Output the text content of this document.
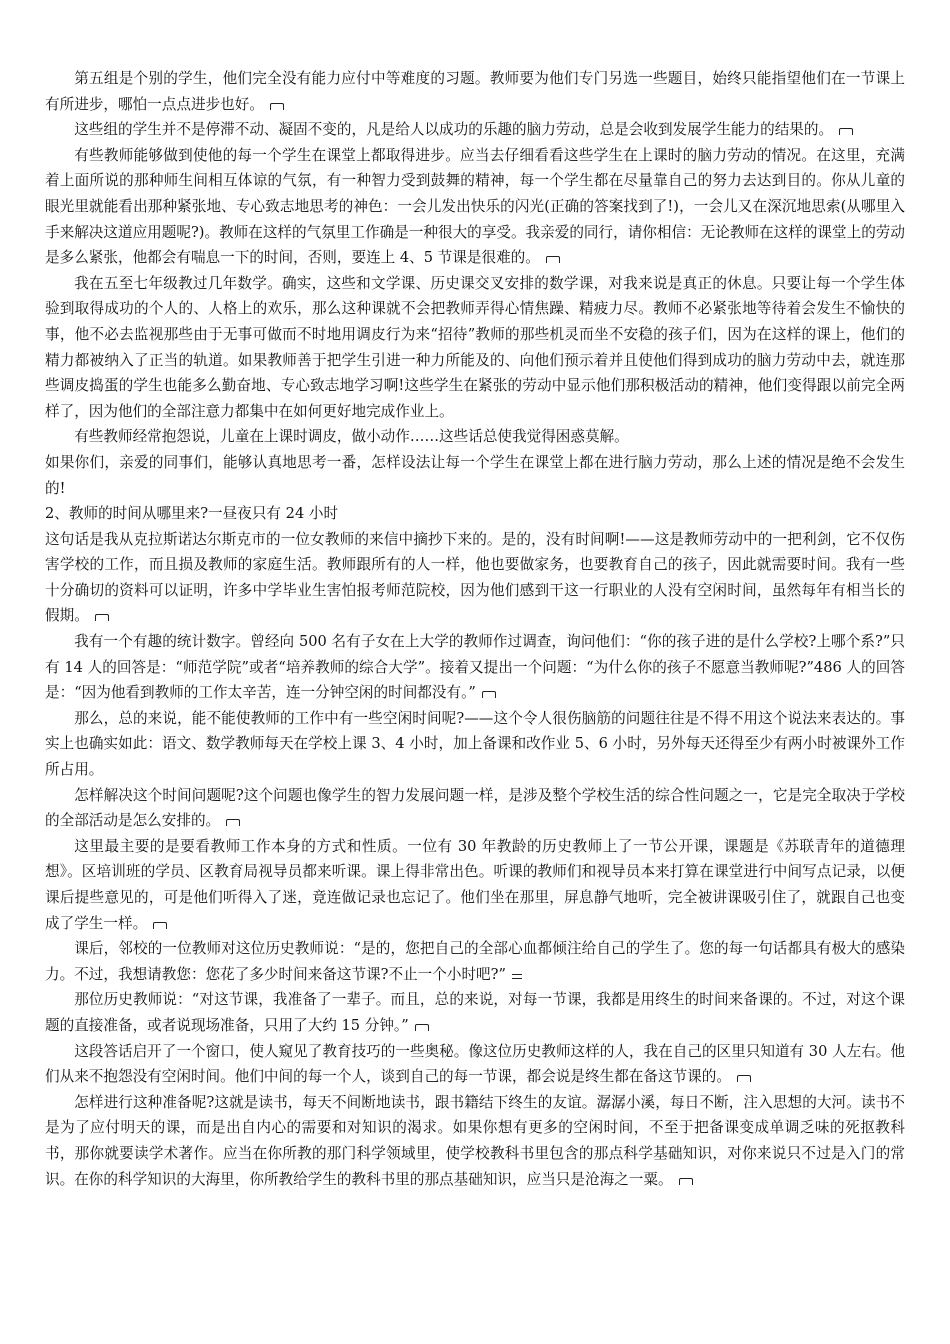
第五组是个别的学生，他们完全没有能力应付中等难度的习题。教师要为他们专门另选一些题目，始终只能指望他们在一节课上有所进步，哪怕一点点进步也好。

这些组的学生并不是停滞不动、凝固不变的，凡是给人以成功的乐趣的脑力劳动，总是会收到发展学生能力的结果的。

有些教师能够做到使他的每一个学生在课堂上都取得进步。应当去仔细看看这些学生在上课时的脑力劳动的情况。在这里，充满着上面所说的那种师生间相互体谅的气氛，有一种智力受到鼓舞的精神，每一个学生都在尽量靠自己的努力去达到目的。你从儿童的眼光里就能看出那种紧张地、专心致志地思考的神色：一会儿发出快乐的闪光(正确的答案找到了!)，一会儿又在深沉地思索(从哪里入手来解决这道应用题呢?)。教师在这样的气氛里工作确是一种很大的享受。我亲爱的同行，请你相信：无论教师在这样的课堂上的劳动是多么紧张，他都会有喘息一下的时间，否则，要连上 4、5 节课是很难的。

我在五至七年级教过几年数学。确实，这些和文学课、历史课交叉安排的数学课，对我来说是真正的休息。只要让每一个学生体验到取得成功的个人的、人格上的欢乐，那么这种课就不会把教师弄得心情焦躁、精疲力尽。教师不必紧张地等待着会发生不愉快的事，他不必去监视那些由于无事可做而不时地用调皮行为来“招待”教师的那些机灵而坐不安稳的孩子们，因为在这样的课上，他们的精力都被纳入了正当的轨道。如果教师善于把学生引进一种力所能及的、向他们预示着并且使他们得到成功的脑力劳动中去，就连那些调皮捣蛋的学生也能多么勤奋地、专心致志地学习啊!这些学生在紧张的劳动中显示他们那积极活动的精神，他们变得跟以前完全两样了，因为他们的全部注意力都集中在如何更好地完成作业上。

有些教师经常抱怨说，儿童在上课时调皮，做小动作……这些话总使我觉得困惑莫解。

如果你们，亲爱的同事们，能够认真地思考一番，怎样设法让每一个学生在课堂上都在进行脑力劳动，那么上述的情况是绝不会发生的!

2、教师的时间从哪里来?一昼夜只有 24 小时

这句话是我从克拉斯诺达尔斯克市的一位女教师的来信中摘抄下来的。是的，没有时间啊!——这是教师劳动中的一把利剑，它不仅伤害学校的工作，而且损及教师的家庭生活。教师跟所有的人一样，他也要做家务，也要教育自己的孩子，因此就需要时间。我有一些十分确切的资料可以证明，许多中学毕业生害怕报考师范院校，因为他们感到干这一行职业的人没有空闲时间，虽然每年有相当长的假期。

我有一个有趣的统计数字。曾经向 500 名有子女在上大学的教师作过调查，询问他们：“你的孩子进的是什么学校?上哪个系?”只有 14 人的回答是：“师范学院”或者“培养教师的综合大学”。接着又提出一个问题：“为什么你的孩子不愿意当教师呢?”486 人的回答是：“因为他看到教师的工作太辛苦，连一分钟空闲的时间都没有。”

那么，总的来说，能不能使教师的工作中有一些空闲时间呢?——这个令人很伤脑筋的问题往往是不得不用这个说法来表达的。事实上也确实如此：语文、数学教师每天在学校上课 3、4 小时，加上备课和改作业 5、6 小时，另外每天还得至少有两小时被课外工作所占用。

怎样解决这个时间问题呢?这个问题也像学生的智力发展问题一样，是涉及整个学校生活的综合性问题之一，它是完全取决于学校的全部活动是怎么安排的。

这里最主要的是要看教师工作本身的方式和性质。一位有 30 年教龄的历史教师上了一节公开课，课题是《苏联青年的道德理想》。区培训班的学员、区教育局视导员都来听课。课上得非常出色。听课的教师们和视导员本来打算在课堂进行中间写点记录，以便课后提些意见的，可是他们听得入了迷，竟连做记录也忘记了。他们坐在那里，屏息静气地听，完全被讲课吸引住了，就跟自己也变成了学生一样。

课后，邻校的一位教师对这位历史教师说：“是的，您把自己的全部心血都倾注给自己的学生了。您的每一句话都具有极大的感染力。不过，我想请教您：您花了多少时间来备这节课?不止一个小时吧?”

那位历史教师说：“对这节课，我准备了一辈子。而且，总的来说，对每一节课，我都是用终生的时间来备课的。不过，对这个课题的直接准备，或者说现场准备，只用了大约 15 分钟。”

这段答话启开了一个窗口，使人窥见了教育技巧的一些奥秘。像这位历史教师这样的人，我在自己的区里只知道有 30 人左右。他们从来不抱怨没有空闲时间。他们中间的每一个人，谈到自己的每一节课，都会说是终生都在备这节课的。

怎样进行这种准备呢?这就是读书，每天不间断地读书，跟书籍结下终生的友谊。潺潺小溪，每日不断，注入思想的大河。读书不是为了应付明天的课，而是出自内心的需要和对知识的渴求。如果你想有更多的空闲时间，不至于把备课变成单调乏味的死抠教科书，那你就要读学术著作。应当在你所教的那门科学领域里，使学校教科书里包含的那点科学基础知识，对你来说只不过是入门的常识。在你的科学知识的大海里，你所教给学生的教科书里的那点基础知识，应当只是沧海之一粟。
